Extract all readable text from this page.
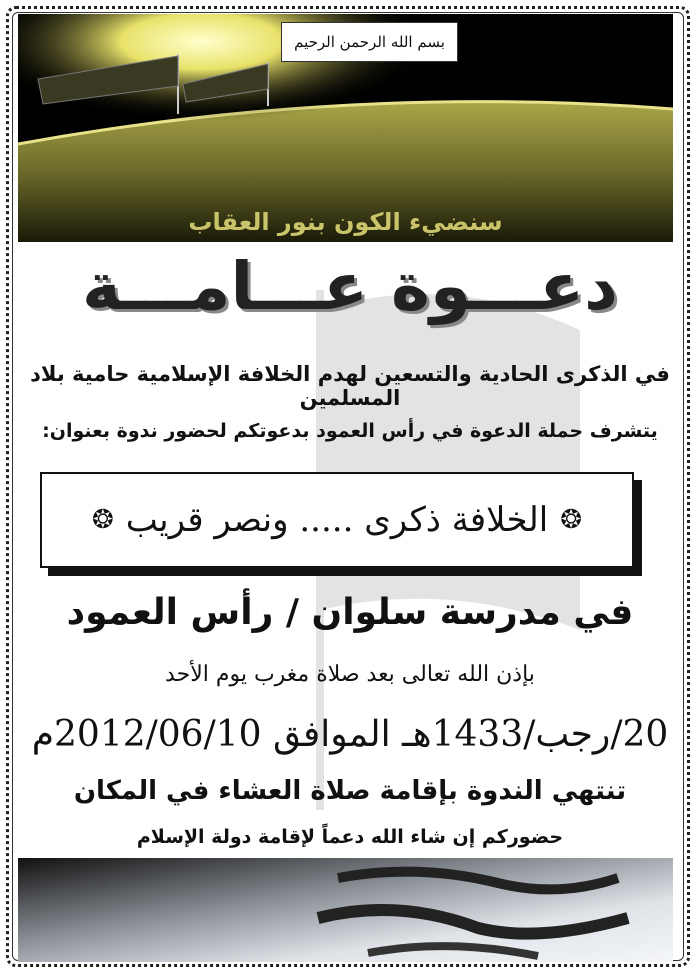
بسم الله الرحمن الرحيم
سنضيء الكون بنور العقاب
دعـــوة عـــامـــة
في الذكرى الحادية والتسعين لهدم الخلافة الإسلامية حامية بلاد المسلمين
يتشرف حملة الدعوة في رأس العمود بدعوتكم لحضور ندوة بعنوان:
❂ الخلافة ذكرى ..... ونصر قريب ❂
في مدرسة سلوان / رأس العمود
بإذن الله تعالى بعد صلاة مغرب يوم الأحد
20/رجب/1433هـ الموافق 2012/06/10م
تنتهي الندوة بإقامة صلاة العشاء في المكان
حضوركم إن شاء الله دعماً لإقامة دولة الإسلام
